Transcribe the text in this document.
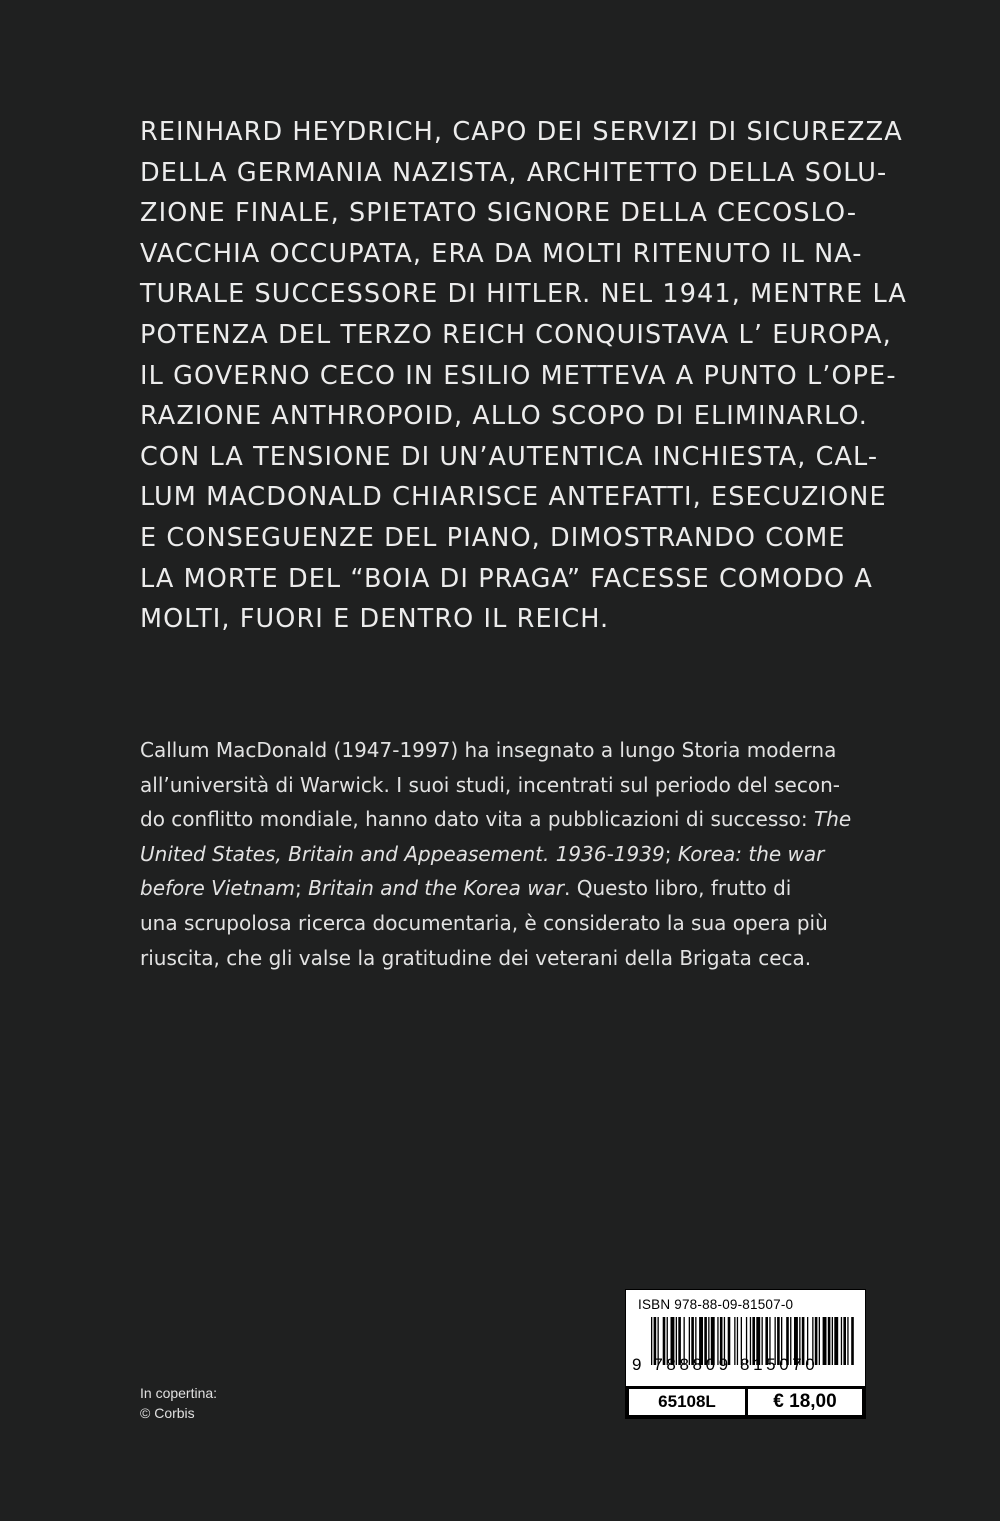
REINHARD HEYDRICH, CAPO DEI SERVIZI DI SICUREZZA
DELLA GERMANIA NAZISTA, ARCHITETTO DELLA SOLU-
ZIONE FINALE, SPIETATO SIGNORE DELLA CECOSLO-
VACCHIA OCCUPATA, ERA DA MOLTI RITENUTO IL NA-
TURALE SUCCESSORE DI HITLER. NEL 1941, MENTRE LA
POTENZA DEL TERZO REICH CONQUISTAVA L’ EUROPA,
IL GOVERNO CECO IN ESILIO METTEVA A PUNTO L’OPE-
RAZIONE ANTHROPOID, ALLO SCOPO DI ELIMINARLO.
CON LA TENSIONE DI UN’AUTENTICA INCHIESTA, CAL-
LUM MACDONALD CHIARISCE ANTEFATTI, ESECUZIONE
E CONSEGUENZE DEL PIANO, DIMOSTRANDO COME
LA MORTE DEL “BOIA DI PRAGA” FACESSE COMODO A
MOLTI, FUORI E DENTRO IL REICH.
Callum MacDonald (1947-1997) ha insegnato a lungo Storia moderna
all’università di Warwick. I suoi studi, incentrati sul periodo del secon-
do conflitto mondiale, hanno dato vita a pubblicazioni di successo: The
United States, Britain and Appeasement. 1936-1939; Korea: the war
before Vietnam; Britain and the Korea war. Questo libro, frutto di
una scrupolosa ricerca documentaria, è considerato la sua opera più
riuscita, che gli valse la gratitudine dei veterani della Brigata ceca.
In copertina:
© Corbis
ISBN 978-88-09-81507-0
9 788809 815070
65108L	€ 18,00
